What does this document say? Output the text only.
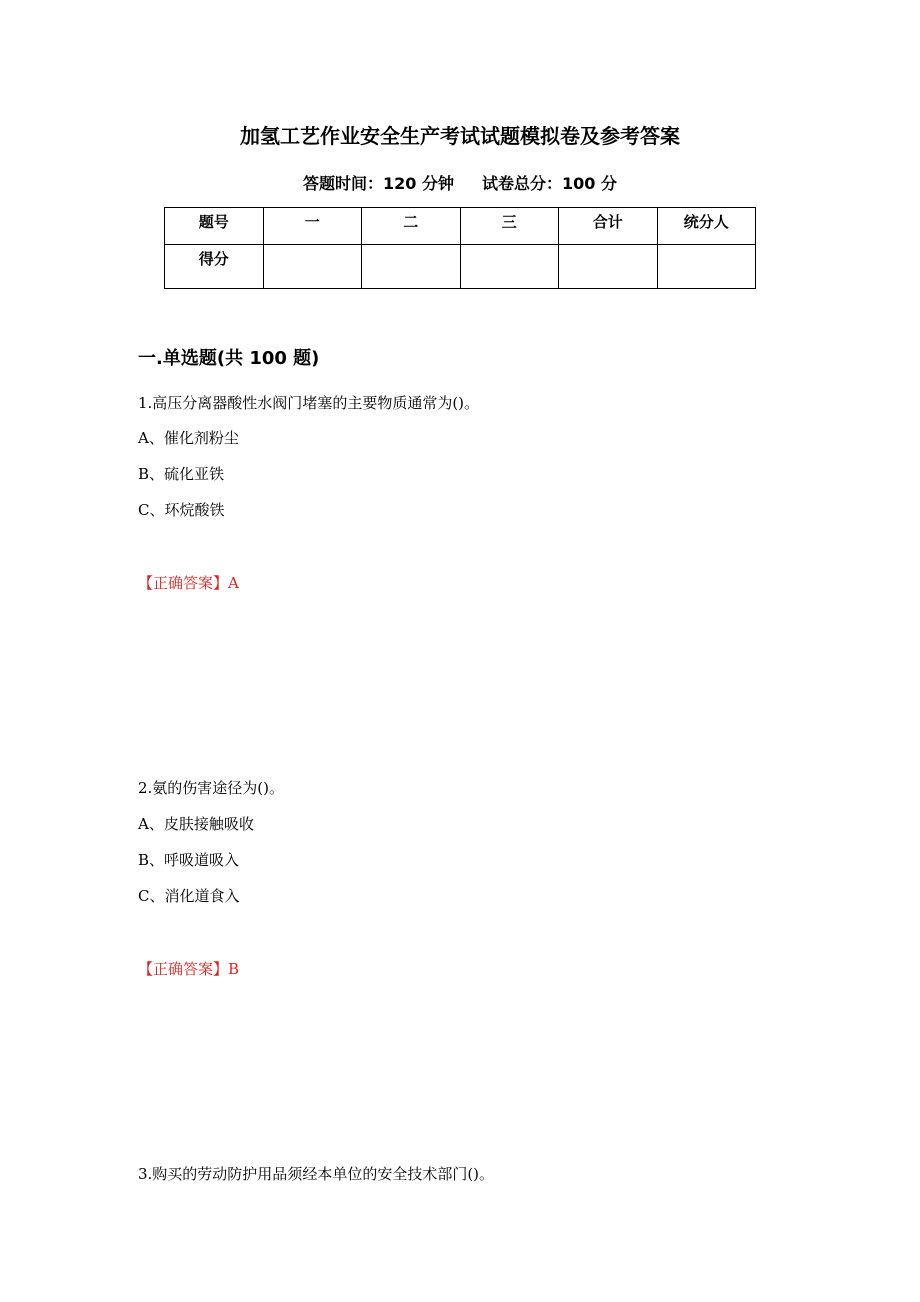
加氢工艺作业安全生产考试试题模拟卷及参考答案
答题时间：120 分钟 试卷总分：100 分
题号	一	二	三	合计	统分人
得分					
一.单选题(共 100 题)
1.高压分离器酸性水阀门堵塞的主要物质通常为()。
A、催化剂粉尘
B、硫化亚铁
C、环烷酸铁
【正确答案】A
2.氨的伤害途径为()。
A、皮肤接触吸收
B、呼吸道吸入
C、消化道食入
【正确答案】B
3.购买的劳动防护用品须经本单位的安全技术部门()。
